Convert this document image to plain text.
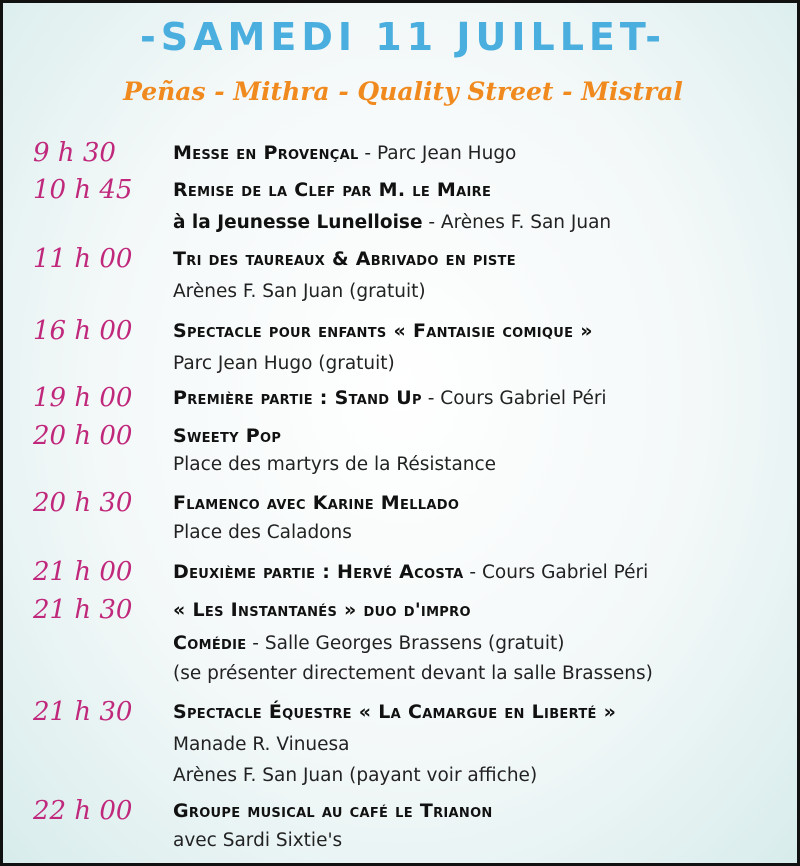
-SAMEDI 11 JUILLET-
Peñas - Mithra - Quality Street - Mistral
9 h 30	Messe en Provençal - Parc Jean Hugo
10 h 45 Remise de la Clef par M. le Maire
à la Jeunesse Lunelloise - Arènes F. San Juan
11 h 00 Tri des taureaux & Abrivado en piste
Arènes F. San Juan (gratuit)
16 h 00 Spectacle pour enfants « Fantaisie comique »
Parc Jean Hugo (gratuit)
19 h 00 Première partie : Stand Up - Cours Gabriel Péri
20 h 00 Sweety Pop
Place des martyrs de la Résistance
20 h 30 Flamenco avec Karine Mellado
Place des Caladons
21 h 00 Deuxième partie : Hervé Acosta - Cours Gabriel Péri
21 h 30 « Les Instantanés » duo d'impro
Comédie - Salle Georges Brassens (gratuit)
(se présenter directement devant la salle Brassens)
21 h 30 Spectacle Équestre « La Camargue en Liberté »
Manade R. Vinuesa
Arènes F. San Juan (payant voir affiche)
22 h 00 Groupe musical au café le Trianon
avec Sardi Sixtie's
